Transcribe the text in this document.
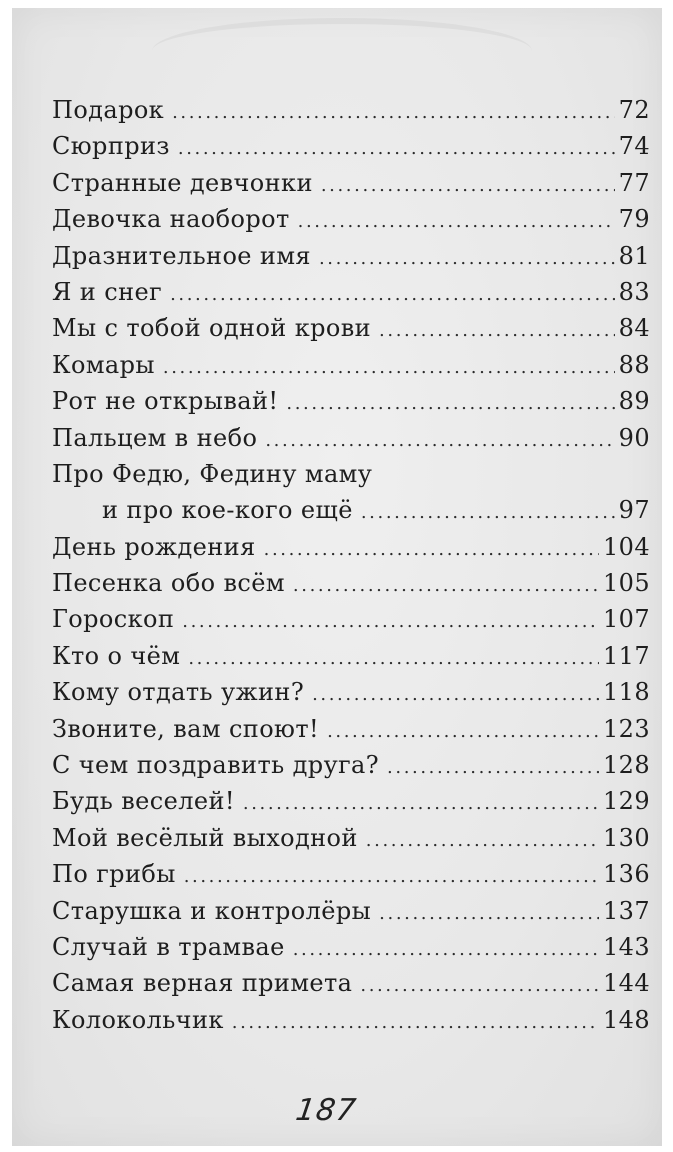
Подарок .....	72
Сюрприз .....	74
Странные девчонки .....	77
Девочка наоборот .....	79
Дразнительное имя .....	81
Я и снег .....	83
Мы с тобой одной крови .....	84
Комары .....	88
Рот не открывай! .....	89
Пальцем в небо .....	90
Про Федю, Федину маму
и про кое-кого ещё .....	97
День рождения .....	104
Песенка обо всём .....	105
Гороскоп .....	107
Кто о чём .....	117
Кому отдать ужин? .....	118
Звоните, вам споют! .....	123
С чем поздравить друга? .....	128
Будь веселей! .....	129
Мой весёлый выходной .....	130
По грибы .....	136
Старушка и контролёры .....	137
Случай в трамвае .....	143
Самая верная примета .....	144
Колокольчик .....	148
187
